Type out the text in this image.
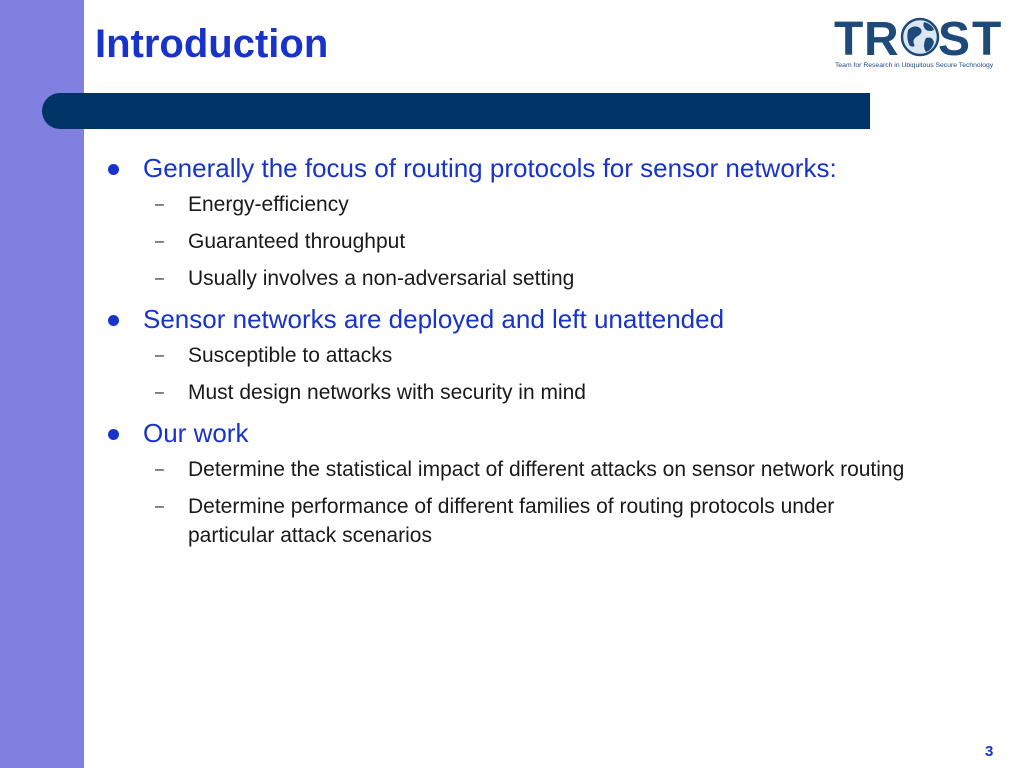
Introduction	T R S T
Team for Research in Ubiquitous Secure Technology
Generally the focus of routing protocols for sensor networks:
– Energy-efficiency
– Guaranteed throughput
– Usually involves a non-adversarial setting
Sensor networks are deployed and left unattended
– Susceptible to attacks
– Must design networks with security in mind
Our work
– Determine the statistical impact of different attacks on sensor network routing
– Determine performance of different families of routing protocols under particular attack scenarios
3
